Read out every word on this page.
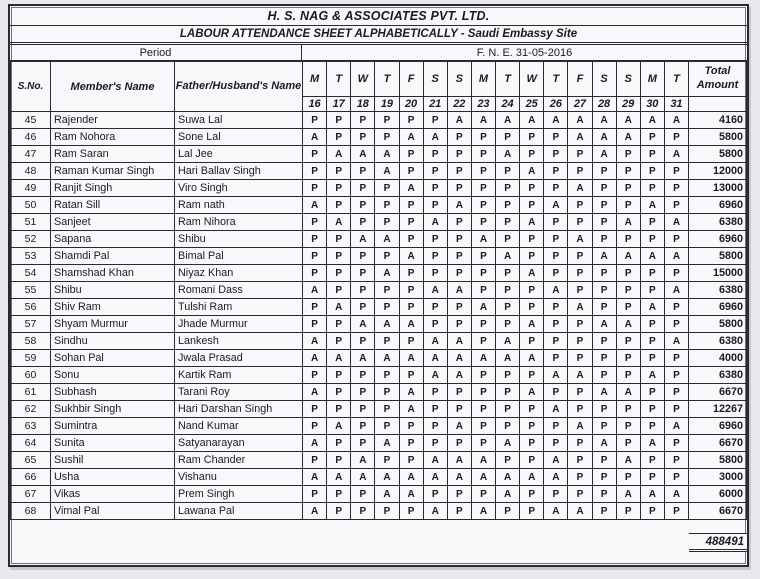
H. S. NAG & ASSOCIATES PVT. LTD.
LABOUR ATTENDANCE SHEET ALPHABETICALLY - Saudi Embassy Site
Period	F. N. E. 31-05-2016
S.No.	Member's Name	Father/Husband's Name	M	T	W	T	F	S	S	M	T	W	T	F	S	S	M	T	Total Amount
			16	17	18	19	20	21	22	23	24	25	26	27	28	29	30	31	
45	Rajender	Suwa Lal	P	P	P	P	P	P	A	A	A	A	A	A	A	A	A	A	4160
46	Ram Nohora	Sone Lal	A	P	P	P	A	A	P	P	P	P	P	A	A	A	P	P	5800
47	Ram Saran	Lal Jee	P	A	A	A	P	P	P	P	A	P	P	P	A	P	P	A	5800
48	Raman Kumar Singh	Hari Ballav Singh	P	P	P	A	P	P	P	P	P	A	P	P	P	P	P	P	12000
49	Ranjit Singh	Viro Singh	P	P	P	P	A	P	P	P	P	P	P	A	P	P	P	P	13000
50	Ratan Sill	Ram nath	A	P	P	P	P	P	A	P	P	P	A	P	P	P	A	P	6960
51	Sanjeet	Ram Nihora	P	A	P	P	P	A	P	P	P	A	P	P	P	A	P	A	6380
52	Sapana	Shibu	P	P	A	A	P	P	P	A	P	P	P	A	P	P	P	P	6960
53	Shamdi Pal	Bimal Pal	P	P	P	P	A	P	P	P	A	P	P	P	A	A	A	A	5800
54	Shamshad Khan	Niyaz Khan	P	P	P	A	P	P	P	P	P	A	P	P	P	P	P	P	15000
55	Shibu	Romani Dass	A	P	P	P	P	A	A	P	P	P	A	P	P	P	P	A	6380
56	Shiv Ram	Tulshi Ram	P	A	P	P	P	P	P	A	P	P	P	A	P	P	A	P	6960
57	Shyam Murmur	Jhade Murmur	P	P	A	A	A	P	P	P	P	A	P	P	A	A	P	P	5800
58	Sindhu	Lankesh	A	P	P	P	P	A	A	P	A	P	P	P	P	P	P	A	6380
59	Sohan Pal	Jwala Prasad	A	A	A	A	A	A	A	A	A	A	P	P	P	P	P	P	4000
60	Sonu	Kartik Ram	P	P	P	P	P	A	A	P	P	P	A	A	P	P	A	P	6380
61	Subhash	Tarani Roy	A	P	P	P	A	P	P	P	P	A	P	P	A	A	P	P	6670
62	Sukhbir Singh	Hari Darshan Singh	P	P	P	P	A	P	P	P	P	P	A	P	P	P	P	P	12267
63	Sumintra	Nand Kumar	P	A	P	P	P	P	A	P	P	P	P	A	P	P	P	A	6960
64	Sunita	Satyanarayan	A	P	P	A	P	P	P	P	A	P	P	P	A	P	A	P	6670
65	Sushil	Ram Chander	P	P	A	P	P	A	A	A	P	P	A	P	P	A	P	P	5800
66	Usha	Vishanu	A	A	A	A	A	A	A	A	A	A	A	P	P	P	P	P	3000
67	Vikas	Prem Singh	P	P	P	A	A	P	P	P	A	P	P	P	P	A	A	A	6000
68	Vimal Pal	Lawana Pal	A	P	P	P	P	A	P	A	P	P	A	A	P	P	P	P	6670
488491
